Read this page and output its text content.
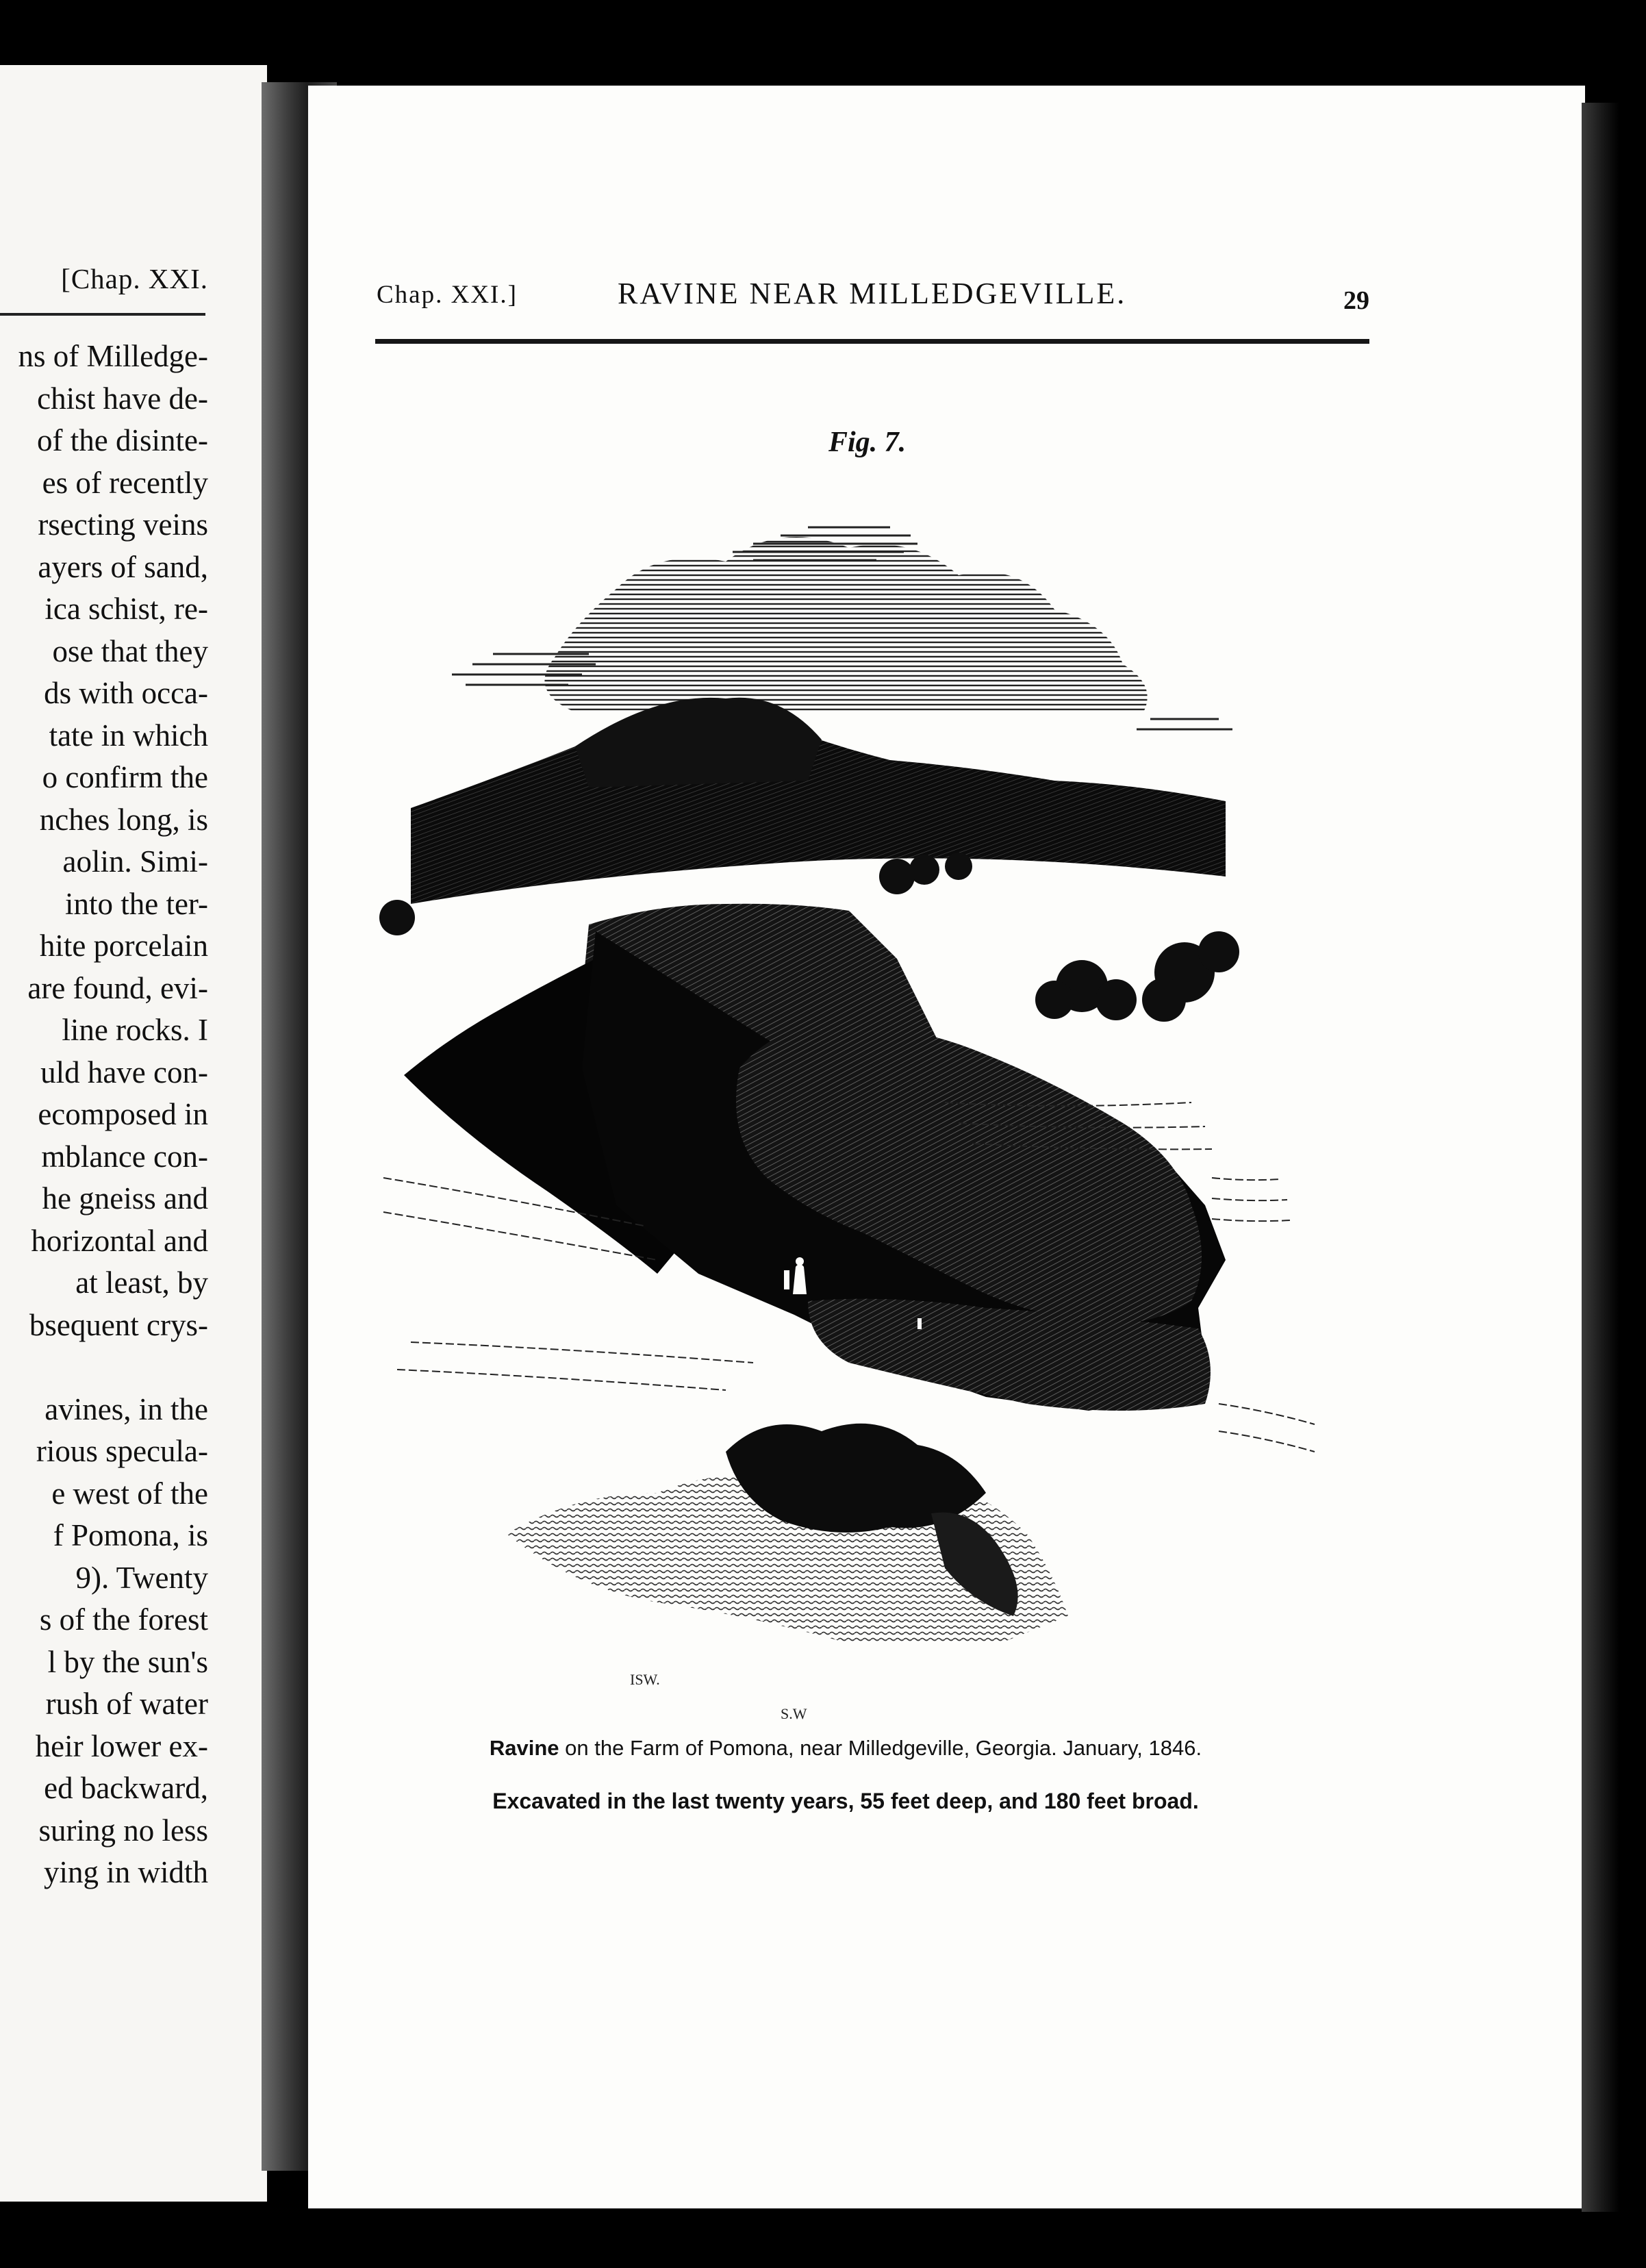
[Chap. XXI.
ns of Milledge-
chist have de-
of the disinte-
es of recently
rsecting veins
ayers of sand,
ica schist, re-
ose that they
ds with occa-
tate in which
o confirm the
nches long, is
aolin. Simi-
into the ter-
hite porcelain
are found, evi-
line rocks. I
uld have con-
ecomposed in
mblance con-
he gneiss and
horizontal and
at least, by
bsequent crys-
avines, in the
rious specula-
e west of the
f Pomona, is
9). Twenty
s of the forest
l by the sun's
rush of water
heir lower ex-
ed backward,
suring no less
ying in width
Chap. XXI.]	RAVINE NEAR MILLEDGEVILLE.	29
Fig. 7.
ISW.
S.W
Ravine on the Farm of Pomona, near Milledgeville, Georgia. January, 1846.
Excavated in the last twenty years, 55 feet deep, and 180 feet broad.
